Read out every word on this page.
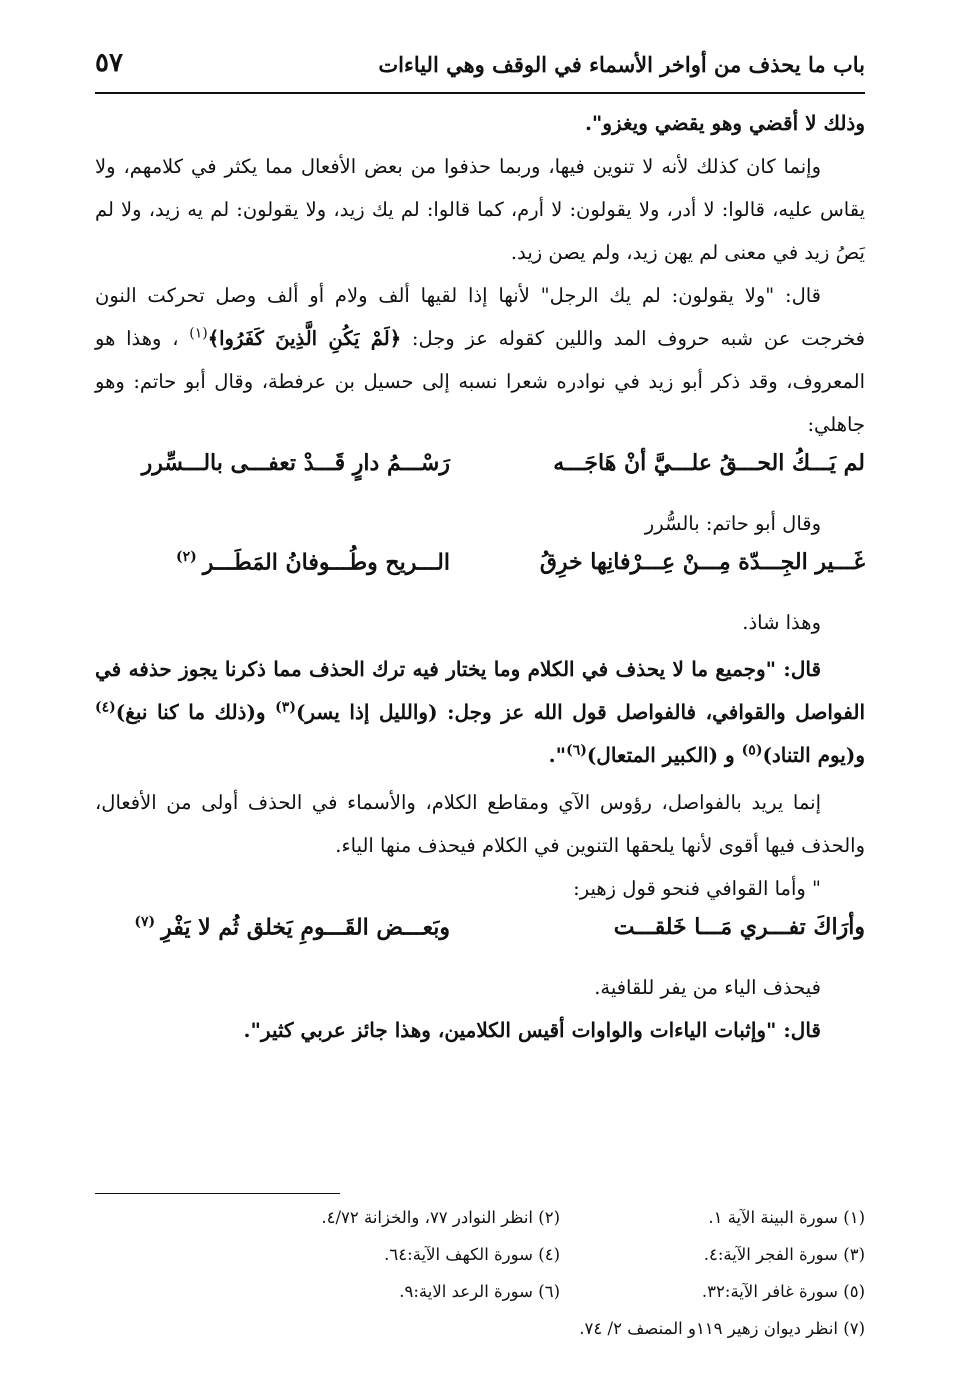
باب ما يحذف من أواخر الأسماء في الوقف وهي الياءات
٥٧

وذلك لا أقضي وهو يقضي ويغزو".

وإنما كان كذلك لأنه لا تنوين فيها، وربما حذفوا من بعض الأفعال مما يكثر في كلامهم، ولا يقاس عليه، قالوا: لا أدر، ولا يقولون: لا أرم، كما قالوا: لم يك زيد، ولا يقولون: لم يه زيد، ولا لم يَصُ زيد في معنى لم يهن زيد، ولم يصن زيد.

قال: "ولا يقولون: لم يك الرجل" لأنها إذا لقيها ألف ولام أو ألف وصل تحركت النون فخرجت عن شبه حروف المد واللين كقوله عز وجل: ﴿لَمْ يَكُنِ الَّذِينَ كَفَرُوا﴾$^{(١)}$ ، وهذا هو المعروف، وقد ذكر أبو زيد في نوادره شعرا نسبه إلى حسيل بن عرفطة، وقال أبو حاتم: وهو جاهلي:

لم يَـــكُ الحـــقُ علـــيَّ أنْ هَاجَـــه
رَسْـــمُ دارٍ قَـــدْ تعفـــى بالـــسِّرر

وقال أبو حاتم: بالسُّرر

غَـــير الجِـــدّة مِـــنْ عِـــرْفانِها خرِقُ
الـــريح وطُـــوفانُ المَطَـــر$^{(٢)}$

وهذا شاذ.

قال: "وجميع ما لا يحذف في الكلام وما يختار فيه ترك الحذف مما ذكرنا يجوز حذفه في الفواصل والقوافي، فالفواصل قول الله عز وجل: (والليل إذا يسر)$^{(٣)}$ و(ذلك ما كنا نبغ)$^{(٤)}$ و(يوم التناد)$^{(٥)}$ و (الكبير المتعال)$^{(٦)}$".

إنما يريد بالفواصل، رؤوس الآي ومقاطع الكلام، والأسماء في الحذف أولى من الأفعال، والحذف فيها أقوى لأنها يلحقها التنوين في الكلام فيحذف منها الياء.

" وأما القوافي فنحو قول زهير:

وأرَاكَ تفـــري مَـــا خَلقـــت
وبَعـــض القَـــومِ يَخلق ثُم لا يَفْرِ$^{(٧)}$

فيحذف الياء من يفر للقافية.

قال: "وإثبات الياءات والواوات أقيس الكلامين، وهذا جائز عربي كثير".

(١) سورة البينة الآية ١.
(٢) انظر النوادر ٧٧، والخزانة ٤/٧٢.
(٣) سورة الفجر الآية:٤.
(٤) سورة الكهف الآية:٦٤.
(٥) سورة غافر الآية:٣٢.
(٦) سورة الرعد الاية:٩.
(٧) انظر ديوان زهير ١١٩و المنصف ٢/ ٧٤.
